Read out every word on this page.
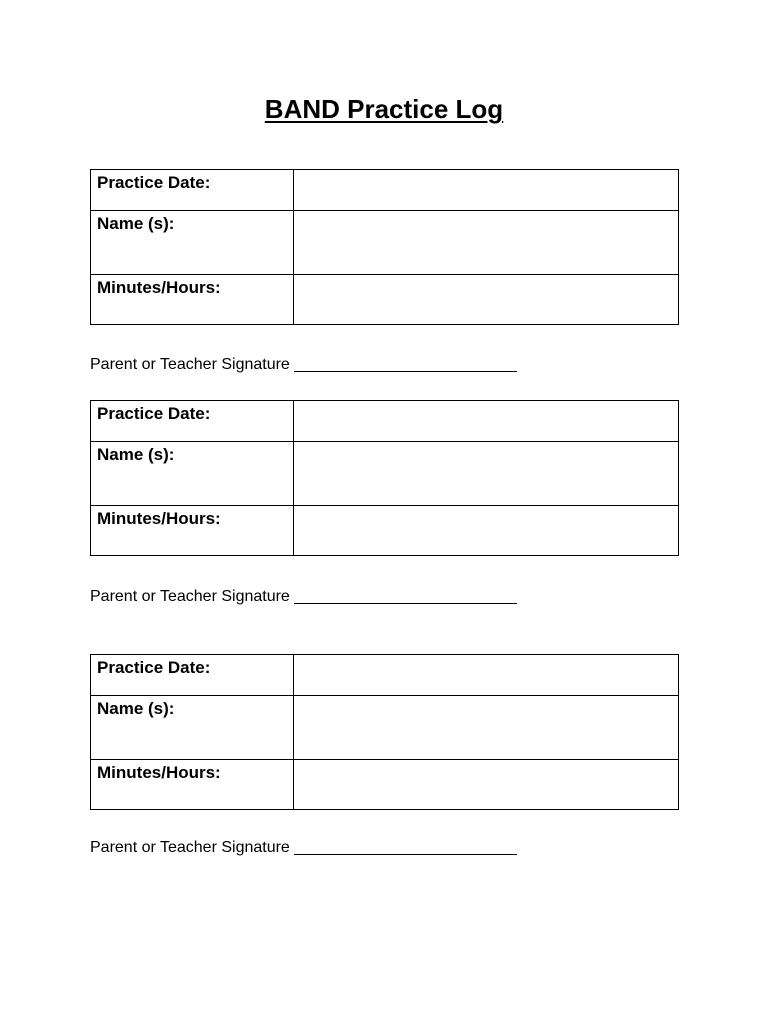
BAND Practice Log
Practice Date:	
Name (s):	
Minutes/Hours:	
Parent or Teacher Signature _________________________
Practice Date:	
Name (s):	
Minutes/Hours:	
Parent or Teacher Signature _________________________
Practice Date:	
Name (s):	
Minutes/Hours:	
Parent or Teacher Signature _________________________
